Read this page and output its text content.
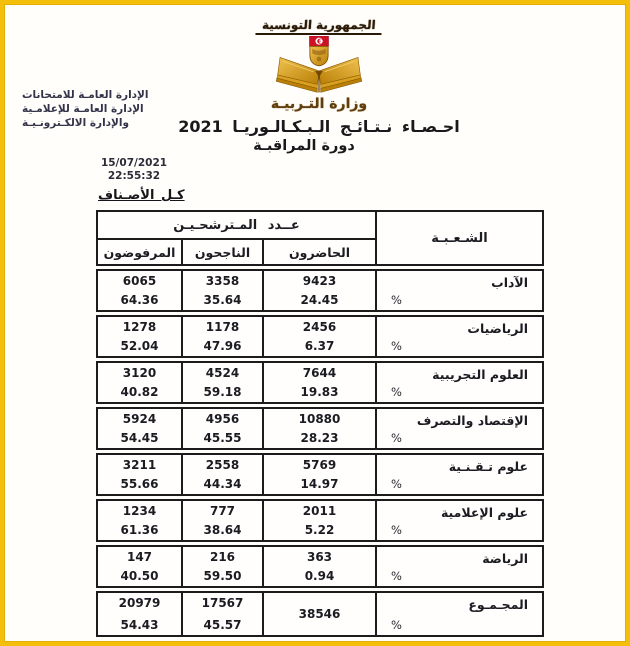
الجمهورية التونسية
وزارة التـربيـة
الإدارة العامـة للامتحانات
الإدارة العامـة للإعلامـية
والإدارة الالكـترونـيـة	احـصـاء نـتـائـج الـبـكـالـوريـا 2021
دورة المراقبـة
15/07/2021
22:55:32
كـل الأصـناف
الشـعـبـة
عــدد المـترشحـيـن
الحاضرون
الناجحون
المرفوضون
الآداب
%
9423
24.45
3358
35.64
6065
64.36
الرياضيات
%
2456
6.37
1178
47.96
1278
52.04
العلوم التجريبية
%
7644
19.83
4524
59.18
3120
40.82
الإقتصاد والتصرف
%
10880
28.23
4956
45.55
5924
54.45
علوم تـقـنـية
%
5769
14.97
2558
44.34
3211
55.66
علوم الإعلامية
%
2011
5.22
777
38.64
1234
61.36
الرياضة
%
363
0.94
216
59.50
147
40.50
المجـمـوع
%
38546
17567
45.57
20979
54.43
